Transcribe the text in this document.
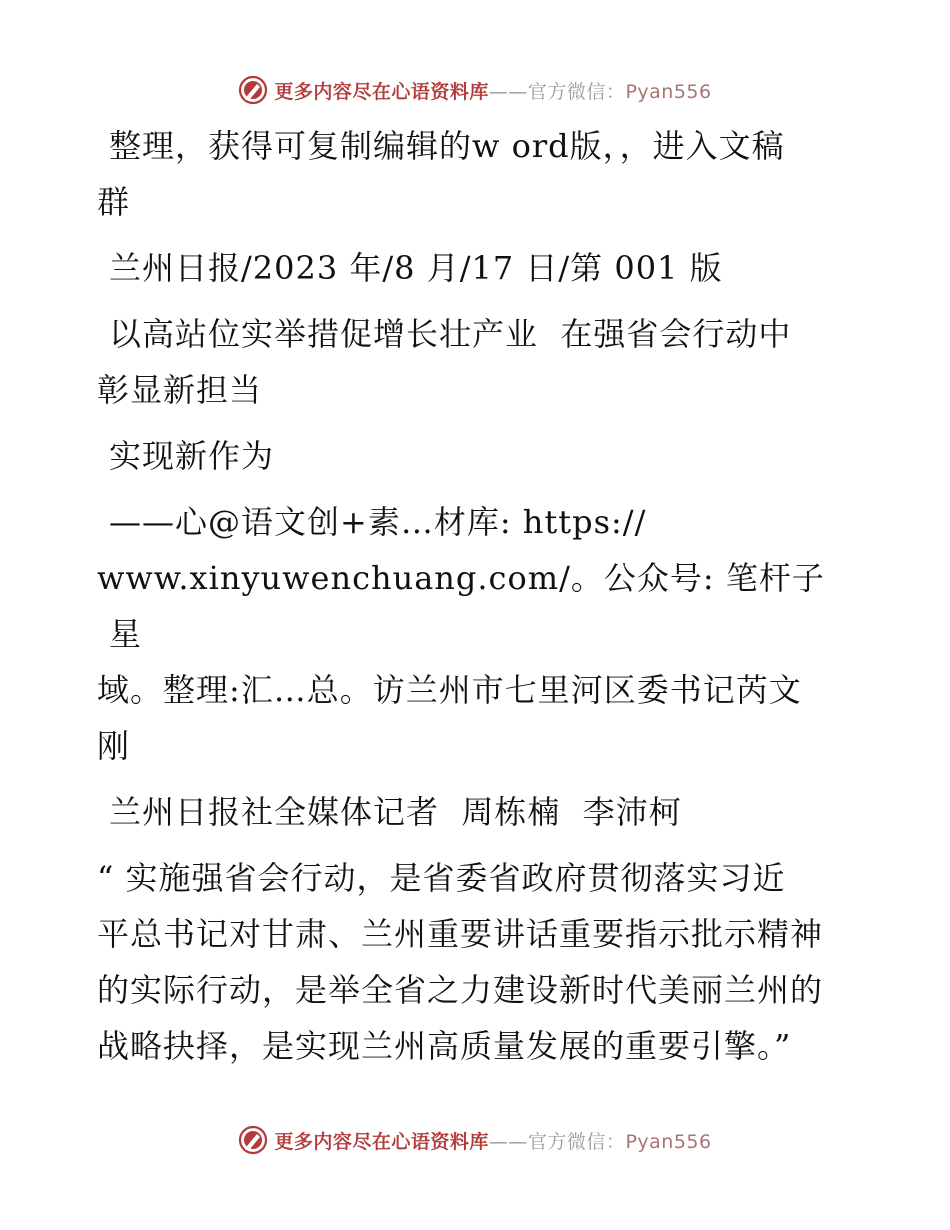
更多内容尽在心语资料库——官方微信：Pyan556
整理，获得可复制编辑的w ord版，，进入文稿
群
兰州日报/2023 年/8 月/17 日/第 001 版
以高站位实举措促增长壮产业  在强省会行动中
彰显新担当
实现新作为
——心@语文创+素…材库: https://
www.xinyuwenchuang.com/。公众号: 笔杆子星
域。整理:汇…总。访兰州市七里河区委书记芮文
刚
兰州日报社全媒体记者  周栋楠  李沛柯
“ 实施强省会行动，是省委省政府贯彻落实习近
平总书记对甘肃、兰州重要讲话重要指示批示精神
的实际行动，是举全省之力建设新时代美丽兰州的
战略抉择，是实现兰州高质量发展的重要引擎。”
更多内容尽在心语资料库——官方微信：Pyan556
